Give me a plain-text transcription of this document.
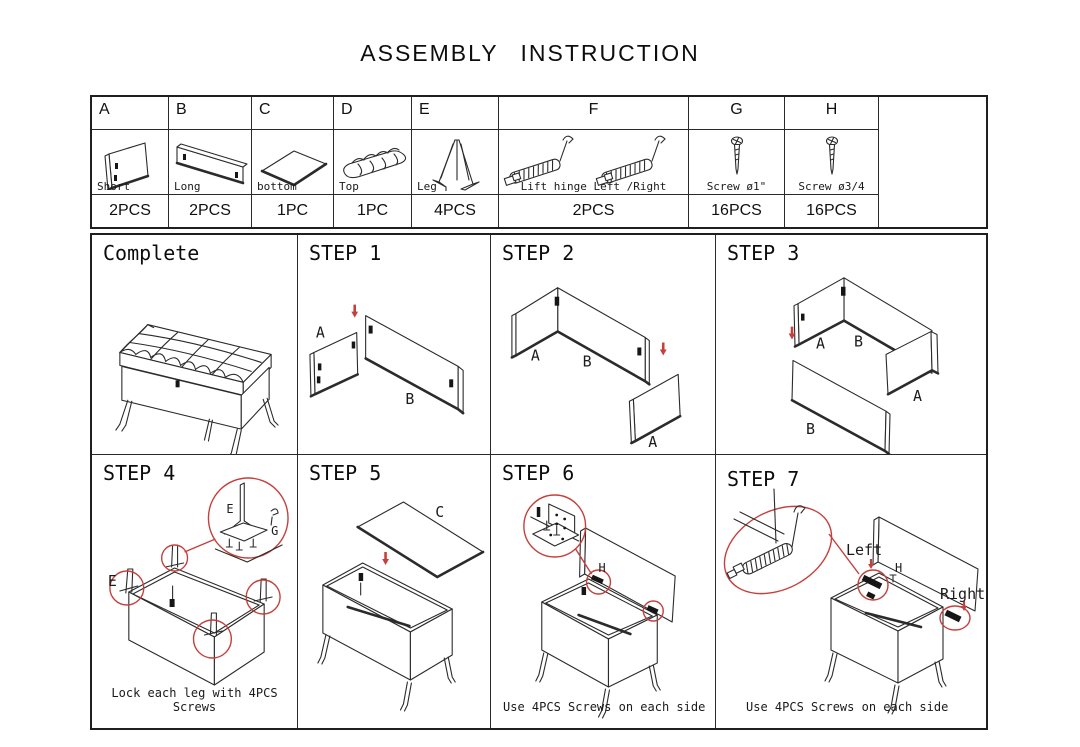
ASSEMBLY INSTRUCTION
A
Short
2PCS
B
Long
2PCS
C
bottom
1PC
D
Top
1PC
E
Leg
4PCS
F
Lift hinge Left /Right
2PCS
G
Screw ø1"
16PCS
H
Screw ø3/4
16PCS
Complete
A
B
STEP 1
A	B
A
STEP 2
A B
A
B
STEP 3
E
G
E
STEP 4
Lock each leg with 4PCS Screws
C
STEP 5
H
STEP 6
Use 4PCS Screws on each side
Left
H
Right
STEP 7
Use 4PCS Screws on each side
